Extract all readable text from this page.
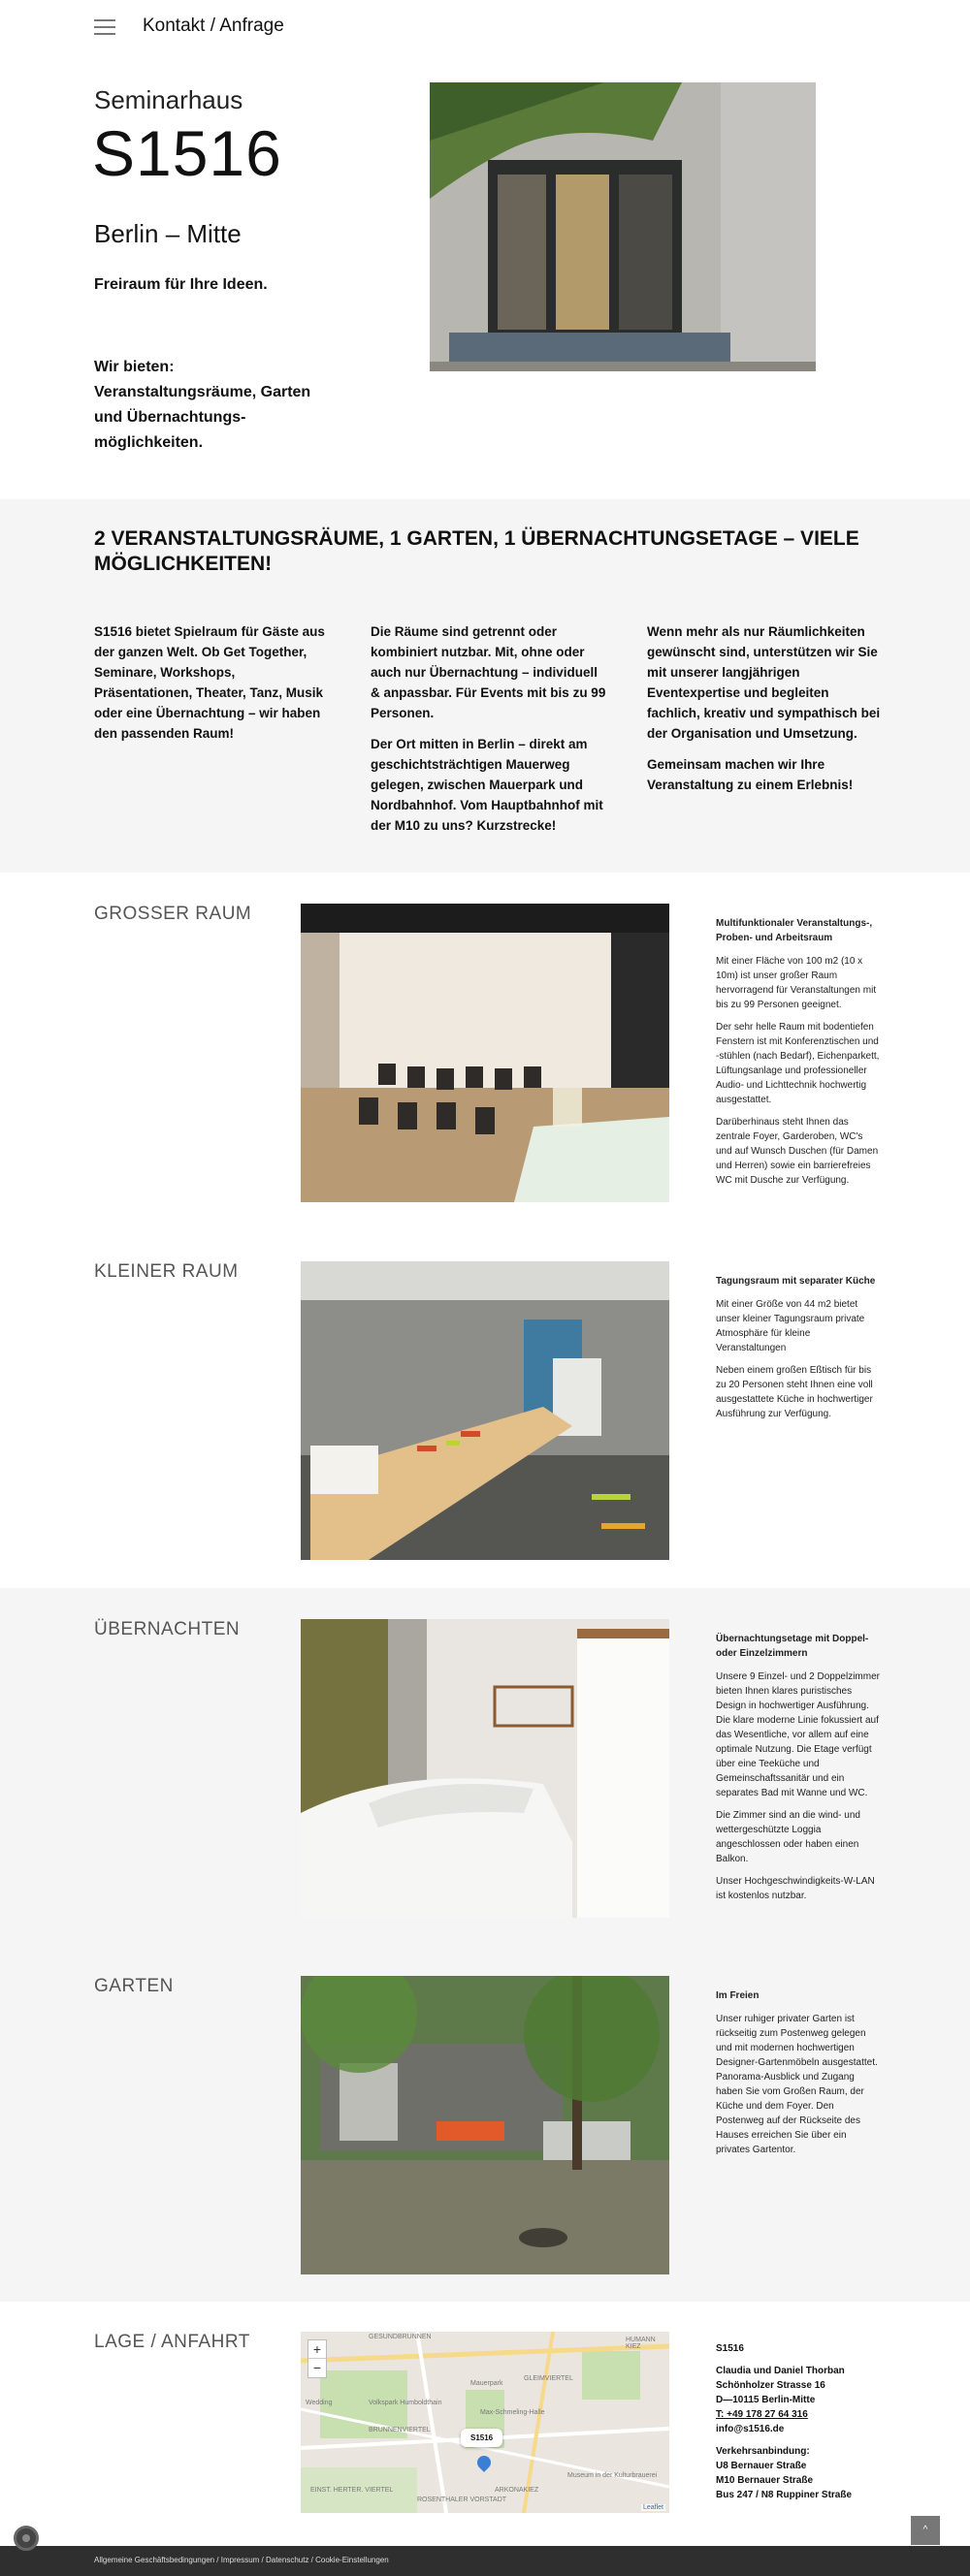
Kontakt / Anfrage
Seminarhaus
S1516
Berlin – Mitte
Freiraum für Ihre Ideen.
Wir bieten: Veranstaltungsräume, Garten und Übernachtungsmöglichkeiten.
2 VERANSTALTUNGSRÄUME, 1 GARTEN, 1 ÜBERNACHTUNGSETAGE – VIELE MÖGLICHKEITEN!

S1516 bietet Spielraum für Gäste aus der ganzen Welt. Ob Get Together, Seminare, Workshops, Präsentationen, Theater, Tanz, Musik oder eine Übernachtung – wir haben den passenden Raum!

Die Räume sind getrennt oder kombiniert nutzbar. Mit, ohne oder auch nur Übernachtung – individuell & anpassbar. Für Events mit bis zu 99 Personen.

Der Ort mitten in Berlin – direkt am geschichtsträchtigen Mauerweg gelegen, zwischen Mauerpark und Nordbahnhof. Vom Hauptbahnhof mit der M10 zu uns? Kurzstrecke!

Wenn mehr als nur Räumlichkeiten gewünscht sind, unterstützen wir Sie mit unserer langjährigen Eventexpertise und begleiten fachlich, kreativ und sympathisch bei der Organisation und Umsetzung.

Gemeinsam machen wir Ihre Veranstaltung zu einem Erlebnis!

GROSSER RAUM	Multifunktionaler Veranstaltungs-, Proben- und Arbeitsraum

Mit einer Fläche von 100 m2 (10 x 10m) ist unser großer Raum hervorragend für Veranstaltungen mit bis zu 99 Personen geeignet.

Der sehr helle Raum mit bodentiefen Fenstern ist mit Konferenztischen und -stühlen (nach Bedarf), Eichenparkett, Lüftungsanlage und professioneller Audio- und Lichttechnik hochwertig ausgestattet.

Darüberhinaus steht Ihnen das zentrale Foyer, Garderoben, WC's und auf Wunsch Duschen (für Damen und Herren) sowie ein barrierefreies WC mit Dusche zur Verfügung.

KLEINER RAUM	Tagungsraum mit separater Küche

Mit einer Größe von 44 m2 bietet unser kleiner Tagungsraum private Atmosphäre für kleine Veranstaltungen

Neben einem großen Eßtisch für bis zu 20 Personen steht Ihnen eine voll ausgestattete Küche in hochwertiger Ausführung zur Verfügung.

ÜBERNACHTEN	Übernachtungsetage mit Doppel- oder Einzelzimmern

Unsere 9 Einzel- und 2 Doppelzimmer bieten Ihnen klares puristisches Design in hochwertiger Ausführung. Die klare moderne Linie fokussiert auf das Wesentliche, vor allem auf eine optimale Nutzung. Die Etage verfügt über eine Teeküche und Gemeinschaftssanitär und ein separates Bad mit Wanne und WC.

Die Zimmer sind an die wind- und wettergeschützte Loggia angeschlossen oder haben einen Balkon.

Unser Hochgeschwindigkeits-W-LAN ist kostenlos nutzbar.

GARTEN	Im Freien

Unser ruhiger privater Garten ist rückseitig zum Postenweg gelegen und mit modernen hochwertigen Designer-Gartenmöbeln ausgestattet. Panorama-Ausblick und Zugang haben Sie vom Großen Raum, der Küche und dem Foyer. Den Postenweg auf der Rückseite des Hauses erreichen Sie über ein privates Gartentor.

LAGE / ANFAHRT	GESUNDBRUNNEN
Wedding	Volkspark Humboldthain
BRUNNENVIERTEL
Mauerpark
GLEIMVIERTEL
Max-Schmeling-Halle
ROSENTHALER VORSTADT
ARKONAKIEZ
Museum in der Kulturbrauerei
EINST. HERTER. VIERTEL
HUMANN KIEZ
+
−
S1516
Leaflet

S1516

Claudia und Daniel Thorban
Schönholzer Strasse 16
D—10115 Berlin-Mitte
T: +49 178 27 64 316

info@s1516.de

Verkehrsanbindung:
U8 Bernauer Straße
M10 Bernauer Straße
Bus 247 / N8 Ruppiner Straße
^
Allgemeine Geschäftsbedingungen / Impressum / Datenschutz / Cookie-Einstellungen
